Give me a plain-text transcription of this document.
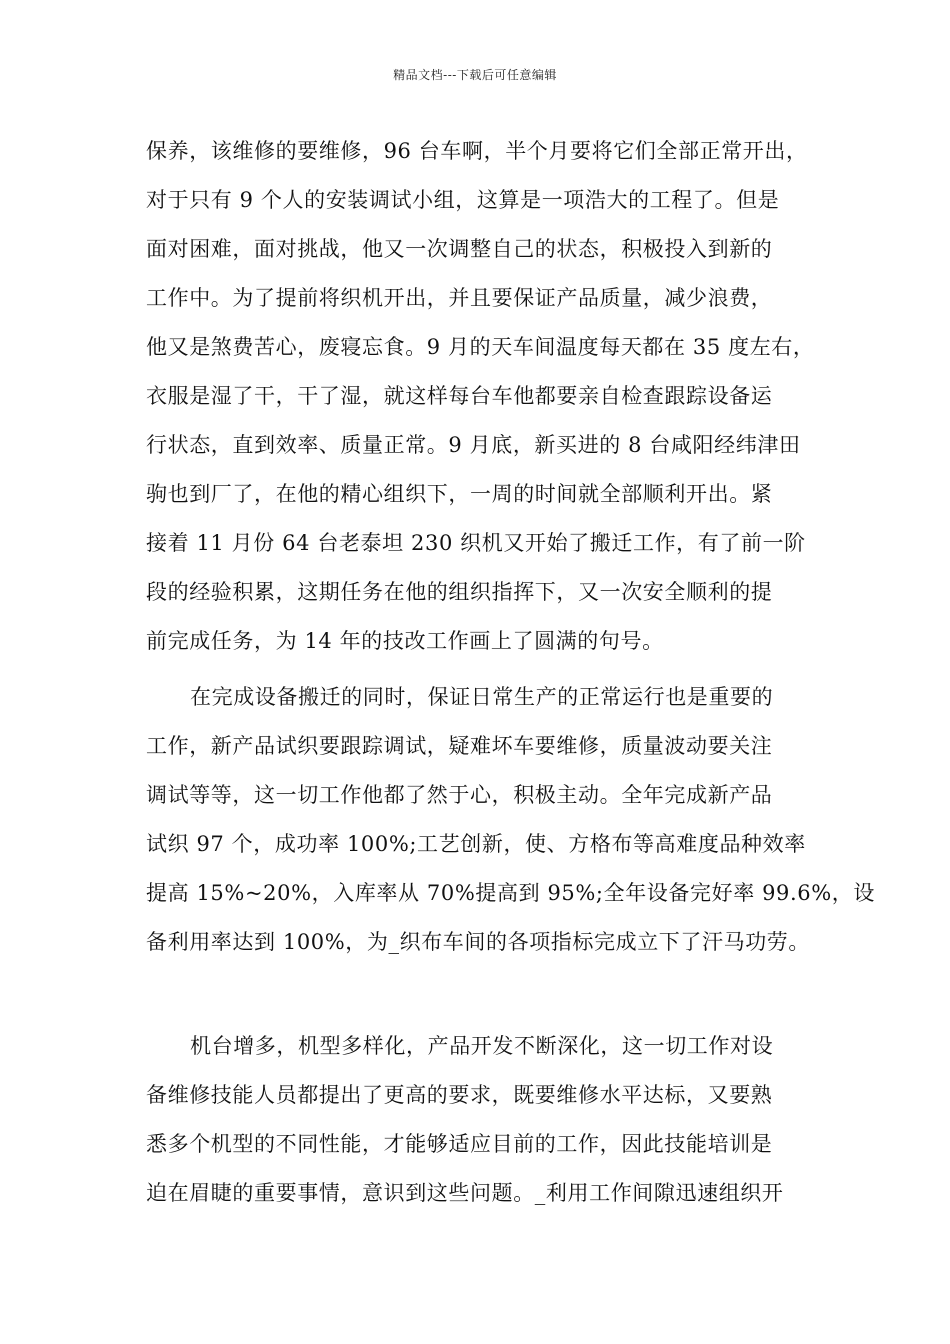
精品文档---下载后可任意编辑
保养，该维修的要维修，96 台车啊，半个月要将它们全部正常开出，
对于只有 9 个人的安装调试小组，这算是一项浩大的工程了。但是
面对困难，面对挑战，他又一次调整自己的状态，积极投入到新的
工作中。为了提前将织机开出，并且要保证产品质量，减少浪费，
他又是煞费苦心，废寝忘食。9 月的天车间温度每天都在 35 度左右，
衣服是湿了干，干了湿，就这样每台车他都要亲自检查跟踪设备运
行状态，直到效率、质量正常。9 月底，新买进的 8 台咸阳经纬津田
驹也到厂了，在他的精心组织下，一周的时间就全部顺利开出。紧
接着 11 月份 64 台老泰坦 230 织机又开始了搬迁工作，有了前一阶
段的经验积累，这期任务在他的组织指挥下，又一次安全顺利的提
前完成任务，为 14 年的技改工作画上了圆满的句号。
在完成设备搬迁的同时，保证日常生产的正常运行也是重要的
工作，新产品试织要跟踪调试，疑难坏车要维修，质量波动要关注
调试等等，这一切工作他都了然于心，积极主动。全年完成新产品
试织 97 个，成功率 100%;工艺创新，使、方格布等高难度品种效率
提高 15%~20%，入库率从 70%提高到 95%;全年设备完好率 99.6%，设
备利用率达到 100%，为_织布车间的各项指标完成立下了汗马功劳。
机台增多，机型多样化，产品开发不断深化，这一切工作对设
备维修技能人员都提出了更高的要求，既要维修水平达标，又要熟
悉多个机型的不同性能，才能够适应目前的工作，因此技能培训是
迫在眉睫的重要事情，意识到这些问题。_利用工作间隙迅速组织开
